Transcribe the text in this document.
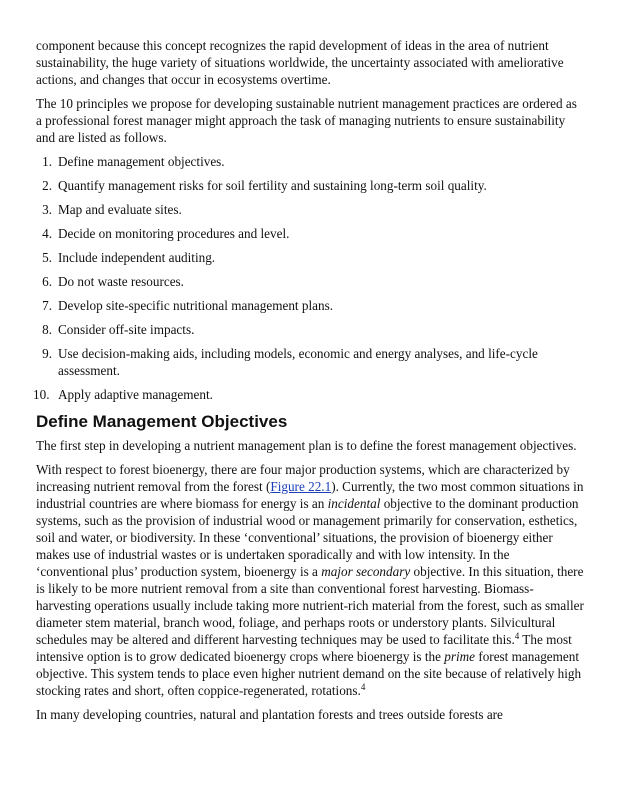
component because this concept recognizes the rapid development of ideas in the area of nutrient sustainability, the huge variety of situations worldwide, the uncertainty associated with ameliorative actions, and changes that occur in ecosystems overtime.

The 10 principles we propose for developing sustainable nutrient management practices are ordered as a professional forest manager might approach the task of managing nutrients to ensure sustainability and are listed as follows.

1. Define management objectives.
2. Quantify management risks for soil fertility and sustaining long-term soil quality.
3. Map and evaluate sites.
4. Decide on monitoring procedures and level.
5. Include independent auditing.
6. Do not waste resources.
7. Develop site-specific nutritional management plans.
8. Consider off-site impacts.
9. Use decision-making aids, including models, economic and energy analyses, and life-cycle assessment.
10. Apply adaptive management.
Define Management Objectives

The first step in developing a nutrient management plan is to define the forest management objectives.

With respect to forest bioenergy, there are four major production systems, which are characterized by increasing nutrient removal from the forest (Figure 22.1). Currently, the two most common situations in industrial countries are where biomass for energy is an incidental objective to the dominant production systems, such as the provision of industrial wood or management primarily for conservation, esthetics, soil and water, or biodiversity. In these ‘conventional’ situations, the provision of bioenergy either makes use of industrial wastes or is undertaken sporadically and with low intensity. In the ‘conventional plus’ production system, bioenergy is a major secondary objective. In this situation, there is likely to be more nutrient removal from a site than conventional forest harvesting. Biomass-harvesting operations usually include taking more nutrient-rich material from the forest, such as smaller diameter stem material, branch wood, foliage, and perhaps roots or understory plants. Silvicultural schedules may be altered and different harvesting techniques may be used to facilitate this.$^4$ The most intensive option is to grow dedicated bioenergy crops where bioenergy is the prime forest management objective. This system tends to place even higher nutrient demand on the site because of relatively high stocking rates and short, often coppice-regenerated, rotations.$^4$

In many developing countries, natural and plantation forests and trees outside forests are
